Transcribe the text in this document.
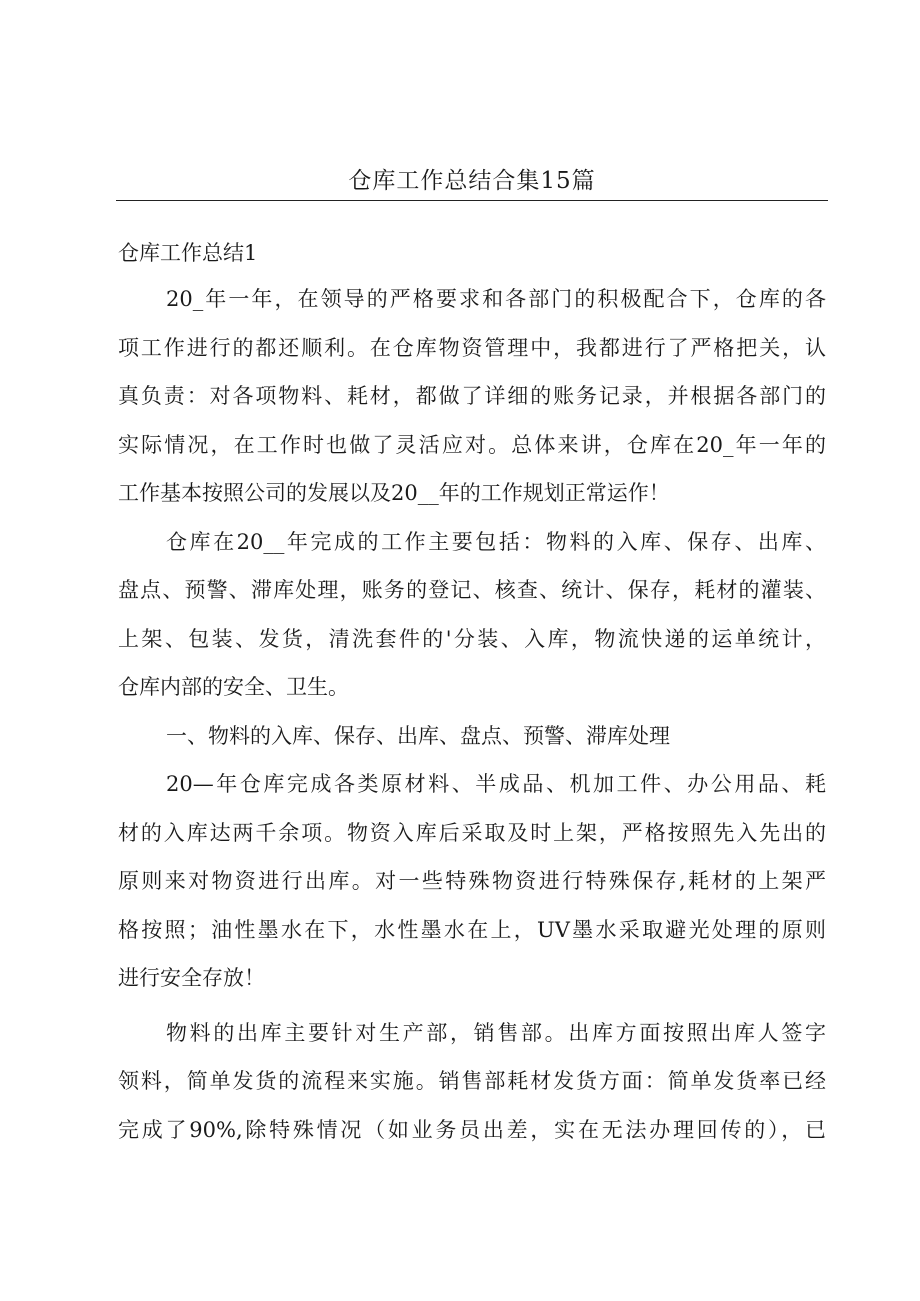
仓库工作总结合集15篇
仓库工作总结1
20_年一年，在领导的严格要求和各部门的积极配合下，仓库的各
项工作进行的都还顺利。在仓库物资管理中，我都进行了严格把关，认
真负责：对各项物料、耗材，都做了详细的账务记录，并根据各部门的
实际情况，在工作时也做了灵活应对。总体来讲，仓库在20_年一年的
工作基本按照公司的发展以及20__年的工作规划正常运作！
仓库在20__年完成的工作主要包括：物料的入库、保存、出库、
盘点、预警、滞库处理，账务的登记、核查、统计、保存，耗材的灌装、
上架、包装、发货，清洗套件的'分装、入库，物流快递的运单统计，
仓库内部的安全、卫生。
一、物料的入库、保存、出库、盘点、预警、滞库处理
20—年仓库完成各类原材料、半成品、机加工件、办公用品、耗
材的入库达两千余项。物资入库后采取及时上架，严格按照先入先出的
原则来对物资进行出库。对一些特殊物资进行特殊保存,耗材的上架严
格按照；油性墨水在下，水性墨水在上，UV墨水采取避光处理的原则
进行安全存放！
物料的出库主要针对生产部，销售部。出库方面按照出库人签字
领料，简单发货的流程来实施。销售部耗材发货方面：简单发货率已经
完成了90%,除特殊情况（如业务员出差，实在无法办理回传的），已
